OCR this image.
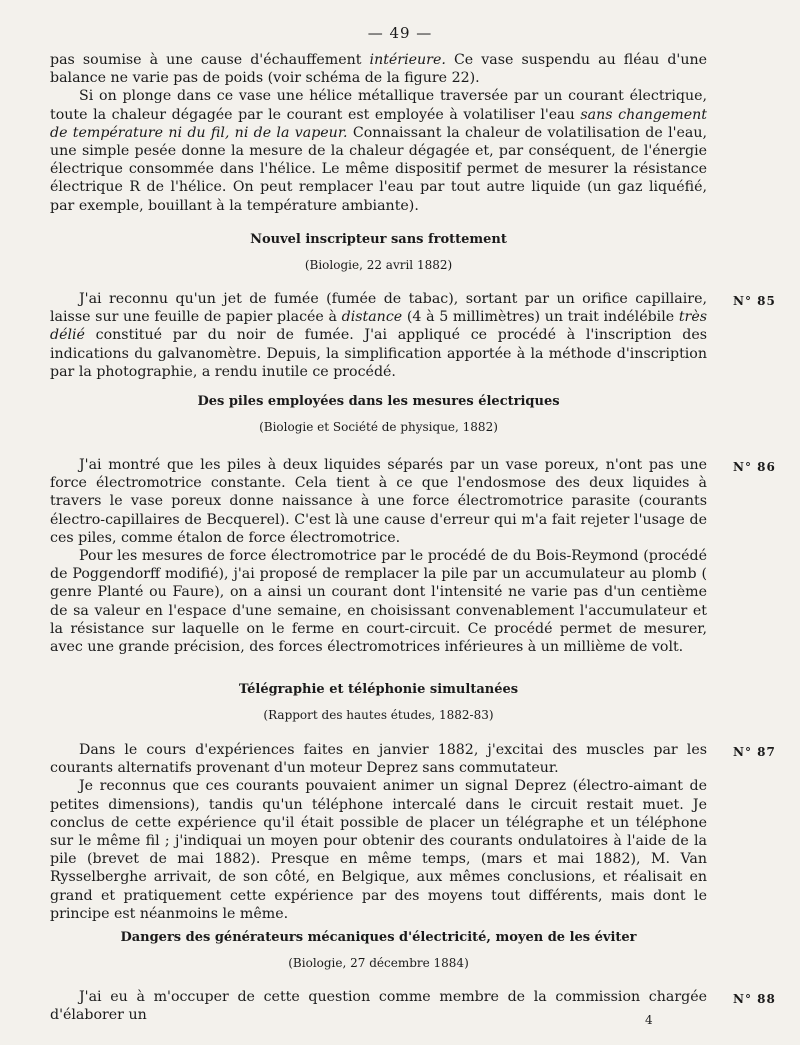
— 49 —

pas soumise à une cause d'échauffement intérieure. Ce vase suspendu au fléau d'une balance ne varie pas de poids (voir schéma de la figure 22).

Si on plonge dans ce vase une hélice métallique traversée par un courant électrique, toute la chaleur dégagée par le courant est employée à volatiliser l'eau sans changement de température ni du fil, ni de la vapeur. Connaissant la chaleur de volatilisation de l'eau, une simple pesée donne la mesure de la chaleur dégagée et, par conséquent, de l'énergie électrique consommée dans l'hélice. Le même dispositif permet de mesurer la résistance électrique R de l'hélice. On peut remplacer l'eau par tout autre liquide (un gaz liquéfié, par exemple, bouillant à la température ambiante).

Nouvel inscripteur sans frottement
(Biologie, 22 avril 1882)
N° 85

J'ai reconnu qu'un jet de fumée (fumée de tabac), sortant par un orifice capillaire, laisse sur une feuille de papier placée à distance (4 à 5 millimètres) un trait indélébile très délié constitué par du noir de fumée. J'ai appliqué ce procédé à l'inscription des indications du galvanomètre. Depuis, la simplification apportée à la méthode d'inscription par la photographie, a rendu inutile ce procédé.

Des piles employées dans les mesures électriques
(Biologie et Société de physique, 1882)
N° 86

J'ai montré que les piles à deux liquides séparés par un vase poreux, n'ont pas une force électromotrice constante. Cela tient à ce que l'endosmose des deux liquides à travers le vase poreux donne naissance à une force électromotrice parasite (courants électro-capillaires de Becquerel). C'est là une cause d'erreur qui m'a fait rejeter l'usage de ces piles, comme étalon de force électromotrice.

Pour les mesures de force électromotrice par le procédé de du Bois-Reymond (procédé de Poggendorff modifié), j'ai proposé de remplacer la pile par un accumulateur au plomb ( genre Planté ou Faure), on a ainsi un courant dont l'intensité ne varie pas d'un centième de sa valeur en l'espace d'une semaine, en choisissant convenablement l'accumulateur et la résistance sur laquelle on le ferme en court-circuit. Ce procédé permet de mesurer, avec une grande précision, des forces électromotrices inférieures à un millième de volt.

Télégraphie et téléphonie simultanées
(Rapport des hautes études, 1882-83)
N° 87

Dans le cours d'expériences faites en janvier 1882, j'excitai des muscles par les courants alternatifs provenant d'un moteur Deprez sans commutateur.

Je reconnus que ces courants pouvaient animer un signal Deprez (électro-aimant de petites dimensions), tandis qu'un téléphone intercalé dans le circuit restait muet. Je conclus de cette expérience qu'il était possible de placer un télégraphe et un téléphone sur le même fil ; j'indiquai un moyen pour obtenir des courants ondulatoires à l'aide de la pile (brevet de mai 1882). Presque en même temps, (mars et mai 1882), M. Van Rysselberghe arrivait, de son côté, en Belgique, aux mêmes conclusions, et réalisait en grand et pratiquement cette expérience par des moyens tout différents, mais dont le principe est néanmoins le même.

Dangers des générateurs mécaniques d'électricité, moyen de les éviter
(Biologie, 27 décembre 1884)
N° 88

J'ai eu à m'occuper de cette question comme membre de la commission chargée d'élaborer un	4
